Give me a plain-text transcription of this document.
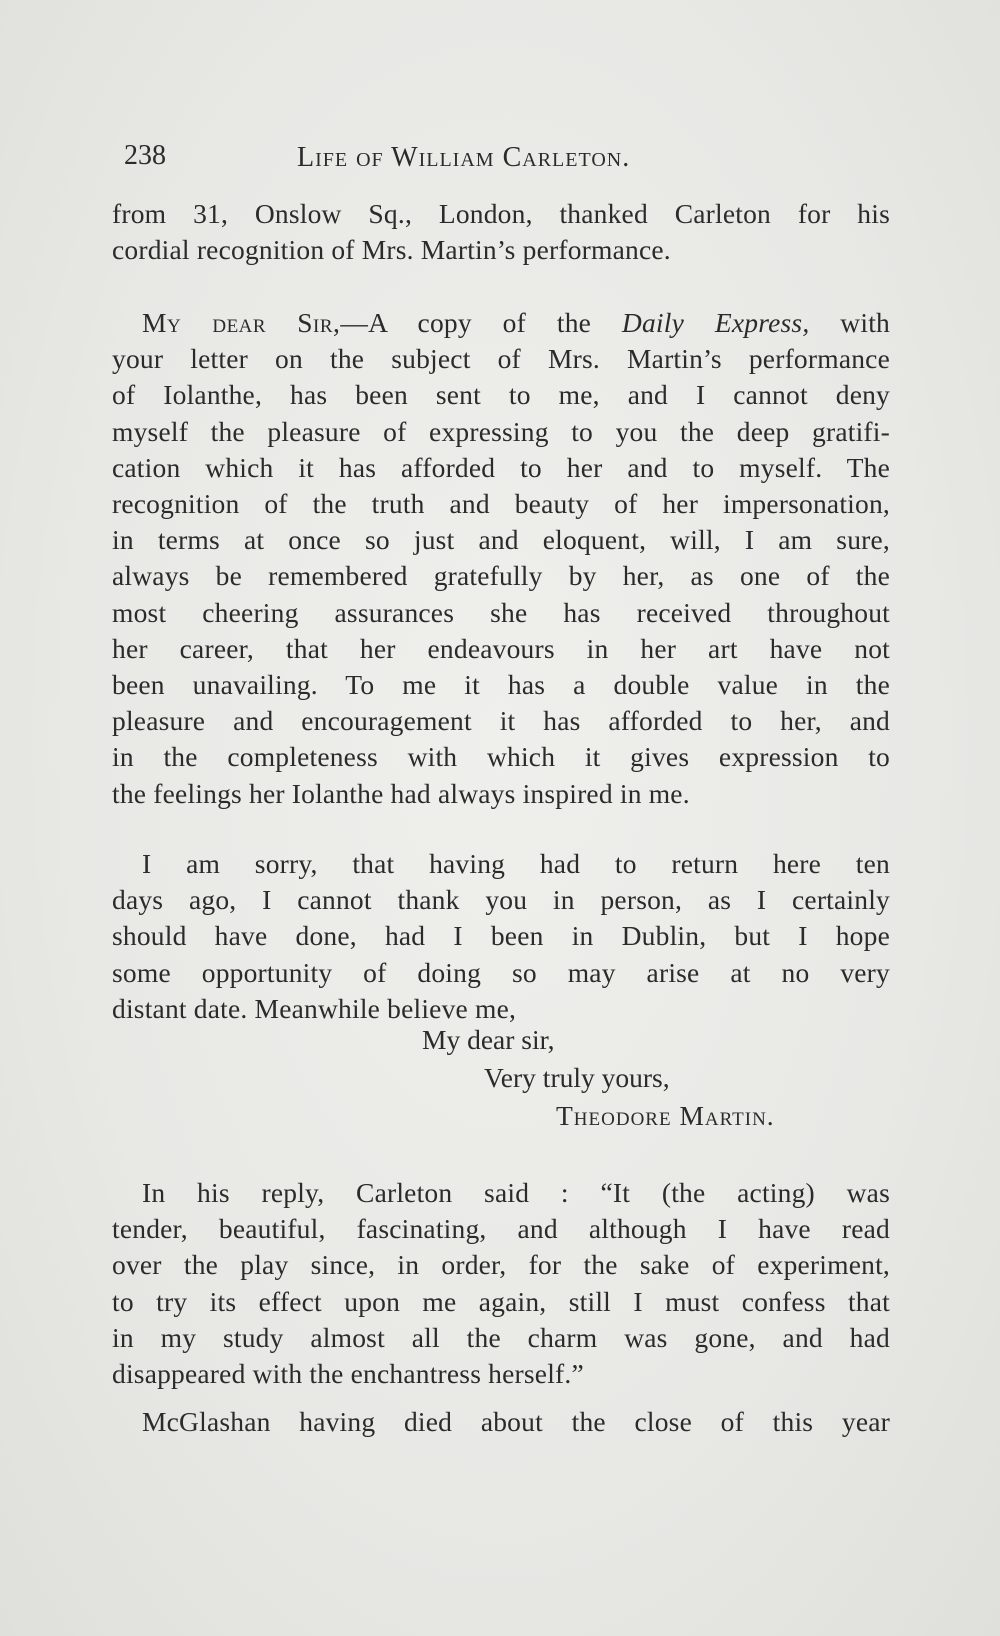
238	Life of William Carleton.
from 31, Onslow Sq., London, thanked Carleton for his
cordial recognition of Mrs. Martin’s performance.
My dear Sir,—A copy of the Daily Express, with
your letter on the subject of Mrs. Martin’s performance
of Iolanthe, has been sent to me, and I cannot deny
myself the pleasure of expressing to you the deep gratifi-
cation which it has afforded to her and to myself. The
recognition of the truth and beauty of her impersonation,
in terms at once so just and eloquent, will, I am sure,
always be remembered gratefully by her, as one of the
most cheering assurances she has received throughout
her career, that her endeavours in her art have not
been unavailing. To me it has a double value in the
pleasure and encouragement it has afforded to her, and
in the completeness with which it gives expression to
the feelings her Iolanthe had always inspired in me.
I am sorry, that having had to return here ten
days ago, I cannot thank you in person, as I certainly
should have done, had I been in Dublin, but I hope
some opportunity of doing so may arise at no very
distant date. Meanwhile believe me,
My dear sir,
Very truly yours,
Theodore Martin.
In his reply, Carleton said : “It (the acting) was
tender, beautiful, fascinating, and although I have read
over the play since, in order, for the sake of experiment,
to try its effect upon me again, still I must confess that
in my study almost all the charm was gone, and had
disappeared with the enchantress herself.”
McGlashan having died about the close of this year
